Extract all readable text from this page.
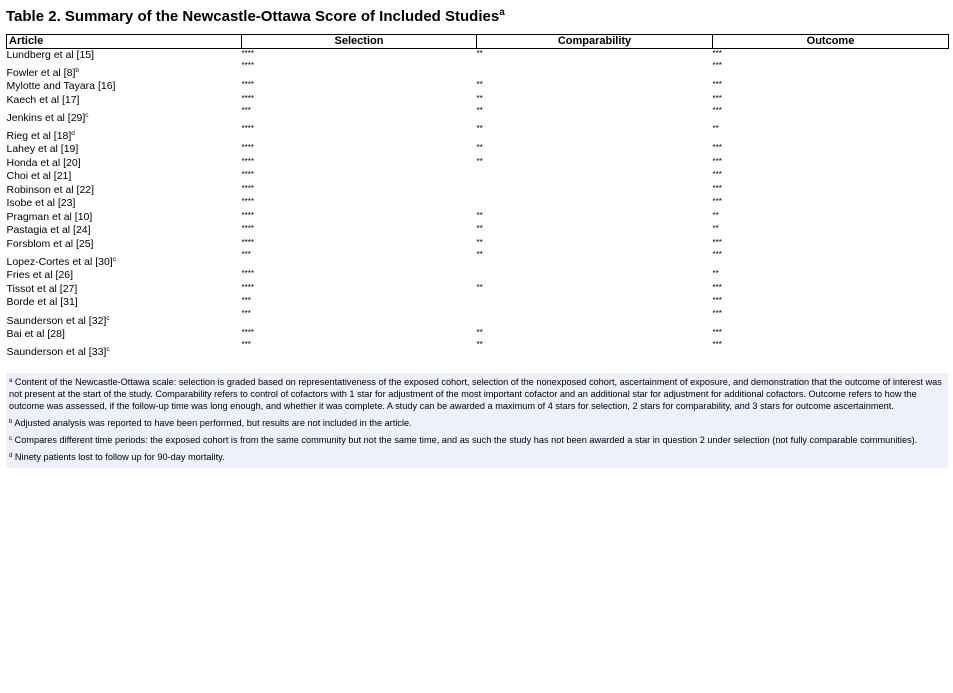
Table 2. Summary of the Newcastle-Ottawa Score of Included Studies$^a$
Article	Selection	Comparability	Outcome
Lundberg et al [15]	****	**	***
Fowler et al $[8]^b$	****		***
Mylotte and Tayara [16]	****	**	***
Kaech et al [17]	****	**	***
Jenkins et al $[29]^c$	***	**	***
Rieg et al $[18]^d$	****	**	**
Lahey et al [19]	****	**	***
Honda et al [20]	****	**	***
Choi et al [21]	****		***
Robinson et al [22]	****		***
Isobe et al [23]	****		***
Pragman et al [10]	****	**	**
Pastagia et al [24]	****	**	**
Forsblom et al [25]	****	**	***
Lopez-Cortes et al $[30]^c$	***	**	***
Fries et al [26]	****		**
Tissot et al [27]	****	**	***
Borde et al [31]	***		***
Saunderson et al $[32]^c$	***		***
Bai et al [28]	****	**	***
Saunderson et al $[33]^c$	***	**	***
$^a$ Content of the Newcastle-Ottawa scale: selection is graded based on representativeness of the exposed cohort, selection of the nonexposed cohort, ascertainment of exposure, and demonstration that the outcome of interest was not present at the start of the study. Comparability refers to control of cofactors with 1 star for adjustment of the most important cofactor and an additional star for adjustment for additional cofactors. Outcome refers to how the outcome was assessed, if the follow-up time was long enough, and whether it was complete. A study can be awarded a maximum of 4 stars for selection, 2 stars for comparability, and 3 stars for outcome ascertainment.
$^b$ Adjusted analysis was reported to have been performed, but results are not included in the article.
$^c$ Compares different time periods: the exposed cohort is from the same community but not the same time, and as such the study has not been awarded a star in question 2 under selection (not fully comparable communities).
$^d$ Ninety patients lost to follow up for 90-day mortality.
